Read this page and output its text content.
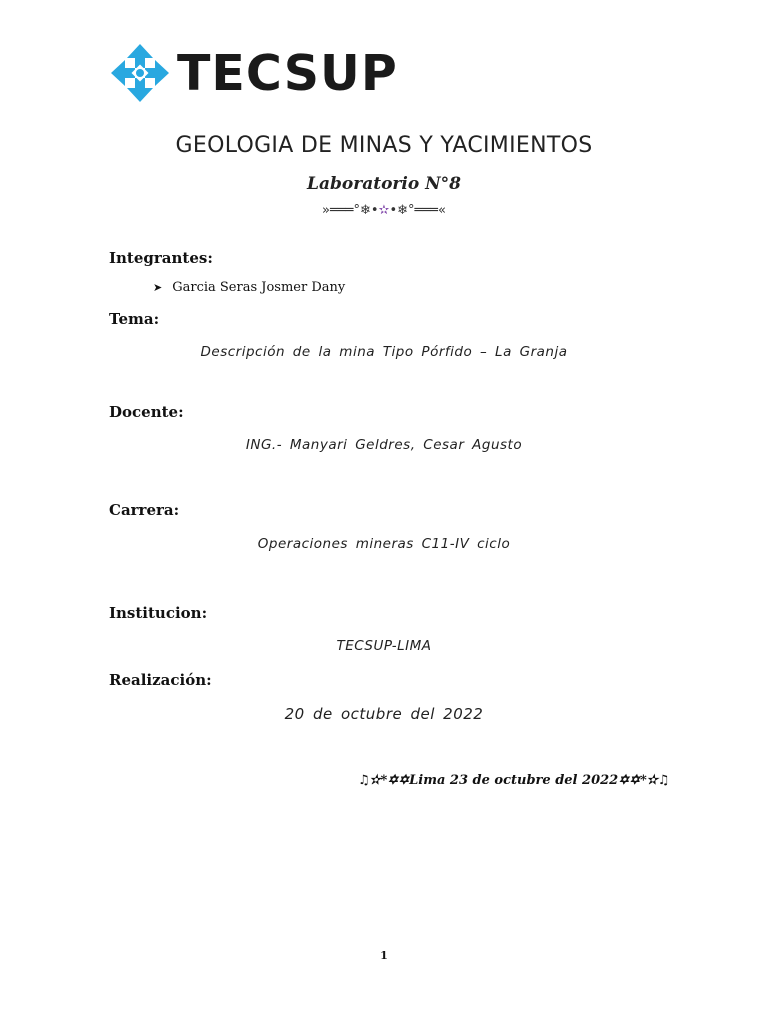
TECSUP
GEOLOGIA DE MINAS Y YACIMIENTOS
Laboratorio N°8
»═══°❄•✫•❄°═══«
Integrantes:
➤ Garcia Seras Josmer Dany
Tema:
Descripción de la mina Tipo Pórfido – La Granja
Docente:
ING.- Manyari Geldres, Cesar Agusto
Carrera:
Operaciones mineras C11-IV ciclo
Institucion:
TECSUP-LIMA
Realización:
20 de octubre del 2022
♫✫*✡✡Lima 23 de octubre del 2022✡✡*✫♫
1
